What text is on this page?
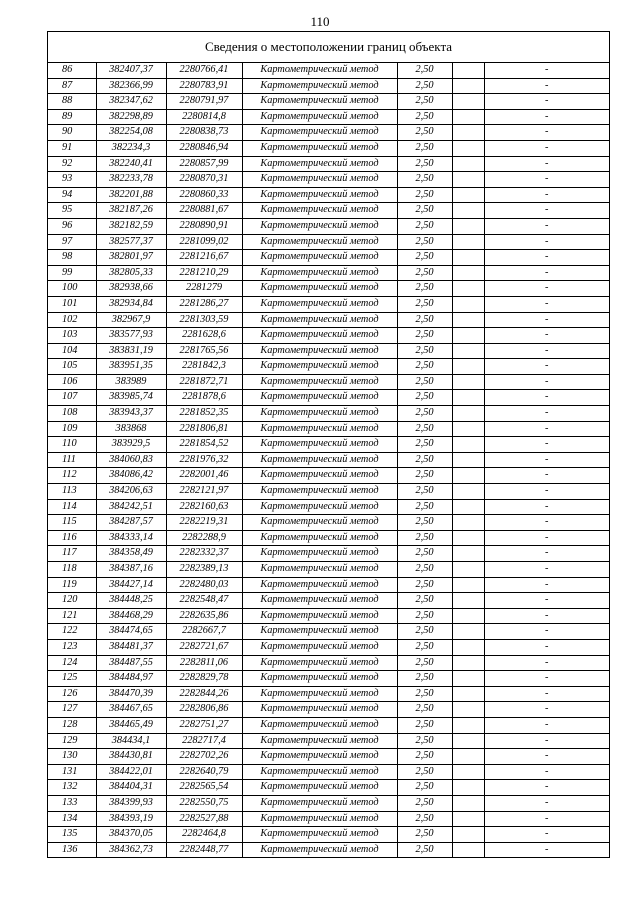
110
Сведения о местоположении границ объекта
86	382407,37	2280766,41	Картометрический метод	2,50		-
87	382366,99	2280783,91	Картометрический метод	2,50		-
88	382347,62	2280791,97	Картометрический метод	2,50		-
89	382298,89	2280814,8	Картометрический метод	2,50		-
90	382254,08	2280838,73	Картометрический метод	2,50		-
91	382234,3	2280846,94	Картометрический метод	2,50		-
92	382240,41	2280857,99	Картометрический метод	2,50		-
93	382233,78	2280870,31	Картометрический метод	2,50		-
94	382201,88	2280860,33	Картометрический метод	2,50		-
95	382187,26	2280881,67	Картометрический метод	2,50		-
96	382182,59	2280890,91	Картометрический метод	2,50		-
97	382577,37	2281099,02	Картометрический метод	2,50		-
98	382801,97	2281216,67	Картометрический метод	2,50		-
99	382805,33	2281210,29	Картометрический метод	2,50		-
100	382938,66	2281279	Картометрический метод	2,50		-
101	382934,84	2281286,27	Картометрический метод	2,50		-
102	382967,9	2281303,59	Картометрический метод	2,50		-
103	383577,93	2281628,6	Картометрический метод	2,50		-
104	383831,19	2281765,56	Картометрический метод	2,50		-
105	383951,35	2281842,3	Картометрический метод	2,50		-
106	383989	2281872,71	Картометрический метод	2,50		-
107	383985,74	2281878,6	Картометрический метод	2,50		-
108	383943,37	2281852,35	Картометрический метод	2,50		-
109	383868	2281806,81	Картометрический метод	2,50		-
110	383929,5	2281854,52	Картометрический метод	2,50		-
111	384060,83	2281976,32	Картометрический метод	2,50		-
112	384086,42	2282001,46	Картометрический метод	2,50		-
113	384206,63	2282121,97	Картометрический метод	2,50		-
114	384242,51	2282160,63	Картометрический метод	2,50		-
115	384287,57	2282219,31	Картометрический метод	2,50		-
116	384333,14	2282288,9	Картометрический метод	2,50		-
117	384358,49	2282332,37	Картометрический метод	2,50		-
118	384387,16	2282389,13	Картометрический метод	2,50		-
119	384427,14	2282480,03	Картометрический метод	2,50		-
120	384448,25	2282548,47	Картометрический метод	2,50		-
121	384468,29	2282635,86	Картометрический метод	2,50		-
122	384474,65	2282667,7	Картометрический метод	2,50		-
123	384481,37	2282721,67	Картометрический метод	2,50		-
124	384487,55	2282811,06	Картометрический метод	2,50		-
125	384484,97	2282829,78	Картометрический метод	2,50		-
126	384470,39	2282844,26	Картометрический метод	2,50		-
127	384467,65	2282806,86	Картометрический метод	2,50		-
128	384465,49	2282751,27	Картометрический метод	2,50		-
129	384434,1	2282717,4	Картометрический метод	2,50		-
130	384430,81	2282702,26	Картометрический метод	2,50		-
131	384422,01	2282640,79	Картометрический метод	2,50		-
132	384404,31	2282565,54	Картометрический метод	2,50		-
133	384399,93	2282550,75	Картометрический метод	2,50		-
134	384393,19	2282527,88	Картометрический метод	2,50		-
135	384370,05	2282464,8	Картометрический метод	2,50		-
136	384362,73	2282448,77	Картометрический метод	2,50		-
